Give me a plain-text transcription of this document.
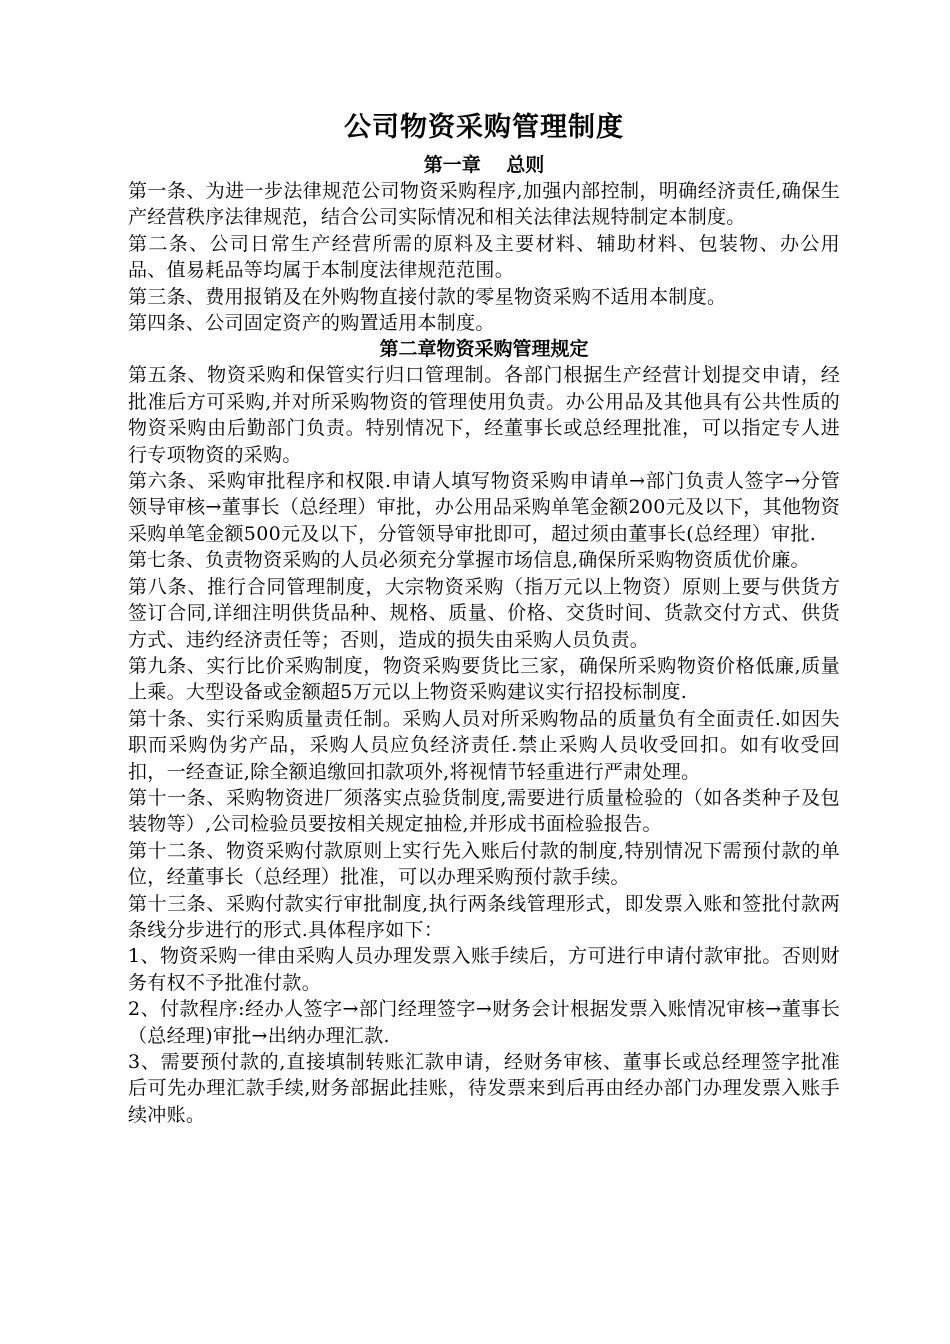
公司物资采购管理制度
第一章　 总则

第一条、为进一步法律规范公司物资采购程序,加强内部控制，明确经济责任,确保生产经营秩序法律规范，结合公司实际情况和相关法律法规特制定本制度。

第二条、公司日常生产经营所需的原料及主要材料、辅助材料、包装物、办公用品、值易耗品等均属于本制度法律规范范围。

第三条、费用报销及在外购物直接付款的零星物资采购不适用本制度。

第四条、公司固定资产的购置适用本制度。

第二章物资采购管理规定

第五条、物资采购和保管实行归口管理制。各部门根据生产经营计划提交申请，经批准后方可采购,并对所采购物资的管理使用负责。办公用品及其他具有公共性质的物资采购由后勤部门负责。特别情况下，经董事长或总经理批准，可以指定专人进行专项物资的采购。

第六条、采购审批程序和权限.申请人填写物资采购申请单→部门负责人签字→分管领导审核→董事长（总经理）审批，办公用品采购单笔金额200元及以下，其他物资采购单笔金额500元及以下，分管领导审批即可，超过须由董事长(总经理）审批.

第七条、负责物资采购的人员必须充分掌握市场信息,确保所采购物资质优价廉。

第八条、推行合同管理制度，大宗物资采购（指万元以上物资）原则上要与供货方签订合同,详细注明供货品种、规格、质量、价格、交货时间、货款交付方式、供货方式、违约经济责任等；否则，造成的损失由采购人员负责。

第九条、实行比价采购制度，物资采购要货比三家，确保所采购物资价格低廉,质量上乘。大型设备或金额超5万元以上物资采购建议实行招投标制度.

第十条、实行采购质量责任制。采购人员对所采购物品的质量负有全面责任.如因失职而采购伪劣产品，采购人员应负经济责任.禁止采购人员收受回扣。如有收受回扣，一经查证,除全额追缴回扣款项外,将视情节轻重进行严肃处理。

第十一条、采购物资进厂须落实点验货制度,需要进行质量检验的（如各类种子及包装物等）,公司检验员要按相关规定抽检,并形成书面检验报告。

第十二条、物资采购付款原则上实行先入账后付款的制度,特别情况下需预付款的单位，经董事长（总经理）批准，可以办理采购预付款手续。

第十三条、采购付款实行审批制度,执行两条线管理形式，即发票入账和签批付款两条线分步进行的形式.具体程序如下：

1、物资采购一律由采购人员办理发票入账手续后，方可进行申请付款审批。否则财务有权不予批准付款。

2、付款程序:经办人签字→部门经理签字→财务会计根据发票入账情况审核→董事长（总经理)审批→出纳办理汇款.

3、需要预付款的,直接填制转账汇款申请，经财务审核、董事长或总经理签字批准后可先办理汇款手续,财务部据此挂账，待发票来到后再由经办部门办理发票入账手续冲账。
